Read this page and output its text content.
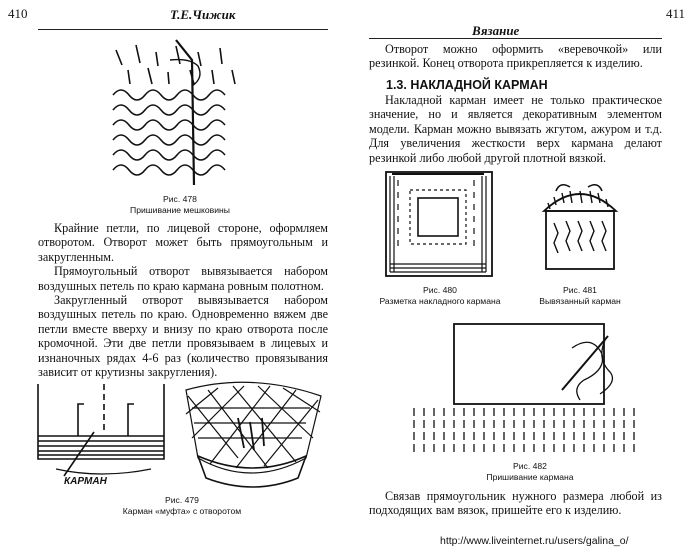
410	Т.Е.Чижик
Рис. 478
Пришивание мешковины

Крайние петли, по лицевой стороне, оформляем отворотом. Отворот может быть прямоугольным и закругленным.

Прямоугольный отворот вывязывается набором воздушных петель по краю кармана ровным полотном.

Закругленный отворот вывязывается набором воздушных петель по краю. Одновременно вяжем две петли вместе вверху и внизу по краю отворота после кромочной. Эти две петли провязываем в лицевых и изнаночных рядах 4-6 раз (количество провязывания зависит от крутизны закругления).

КАРМАН
Рис. 479
Карман «муфта» с отворотом
Вязание
411

Отворот можно оформить «веревочкой» или резинкой. Конец отворота прикрепляется к изделию.

1.3. НАКЛАДНОЙ КАРМАН

Накладной карман имеет не только практическое значение, но и является декоративным элементом модели. Карман можно вывязать жгутом, ажуром и т.д. Для увеличения жесткости верх кармана делают резинкой либо любой другой плотной вязкой.

Рис. 480
Разметка накладного кармана
Рис. 481
Вывязанный карман
Рис. 482
Пришивание кармана

Связав прямоугольник нужного размера любой из подходящих вам вязок, пришейте его к изделию.

http://www.liveinternet.ru/users/galina_o/
